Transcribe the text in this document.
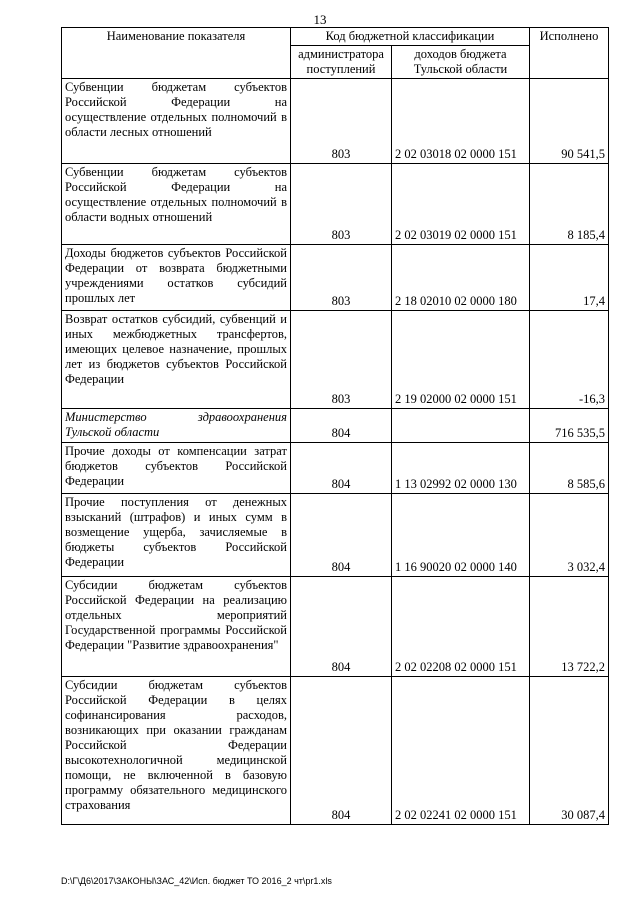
13
Наименование показателя	Код бюджетной классификации		Исполнено
	администратора поступлений	доходов бюджета Тульской области	
Субвенции бюджетам субъектов Российской Федерации на осуществление отдельных полномочий в области лесных отношений	803	2 02 03018 02 0000 151	90 541,5
Субвенции бюджетам субъектов Российской Федерации на осуществление отдельных полномочий в области водных отношений	803	2 02 03019 02 0000 151	8 185,4
Доходы бюджетов субъектов Российской Федерации от возврата бюджетными учреждениями остатков субсидий прошлых лет	803	2 18 02010 02 0000 180	17,4
Возврат остатков субсидий, субвенций и иных межбюджетных трансфертов, имеющих целевое назначение, прошлых лет из бюджетов субъектов Российской Федерации	803	2 19 02000 02 0000 151	-16,3
Министерство здравоохранения Тульской области	804		716 535,5
Прочие доходы от компенсации затрат бюджетов субъектов Российской Федерации	804	1 13 02992 02 0000 130	8 585,6
Прочие поступления от денежных взысканий (штрафов) и иных сумм в возмещение ущерба, зачисляемые в бюджеты субъектов Российской Федерации	804	1 16 90020 02 0000 140	3 032,4
Субсидии бюджетам субъектов Российской Федерации на реализацию отдельных мероприятий Государственной программы Российской Федерации "Развитие здравоохранения"	804	2 02 02208 02 0000 151	13 722,2
Субсидии бюджетам субъектов Российской Федерации в целях софинансирования расходов, возникающих при оказании гражданам Российской Федерации высокотехнологичной медицинской помощи, не включенной в базовую программу обязательного медицинского страхования	804	2 02 02241 02 0000 151	30 087,4
D:\Г\Д6\2017\ЗАКОНЫ\ЗАС_42\Исп. бюджет ТО 2016_2 чт\pr1.xls
